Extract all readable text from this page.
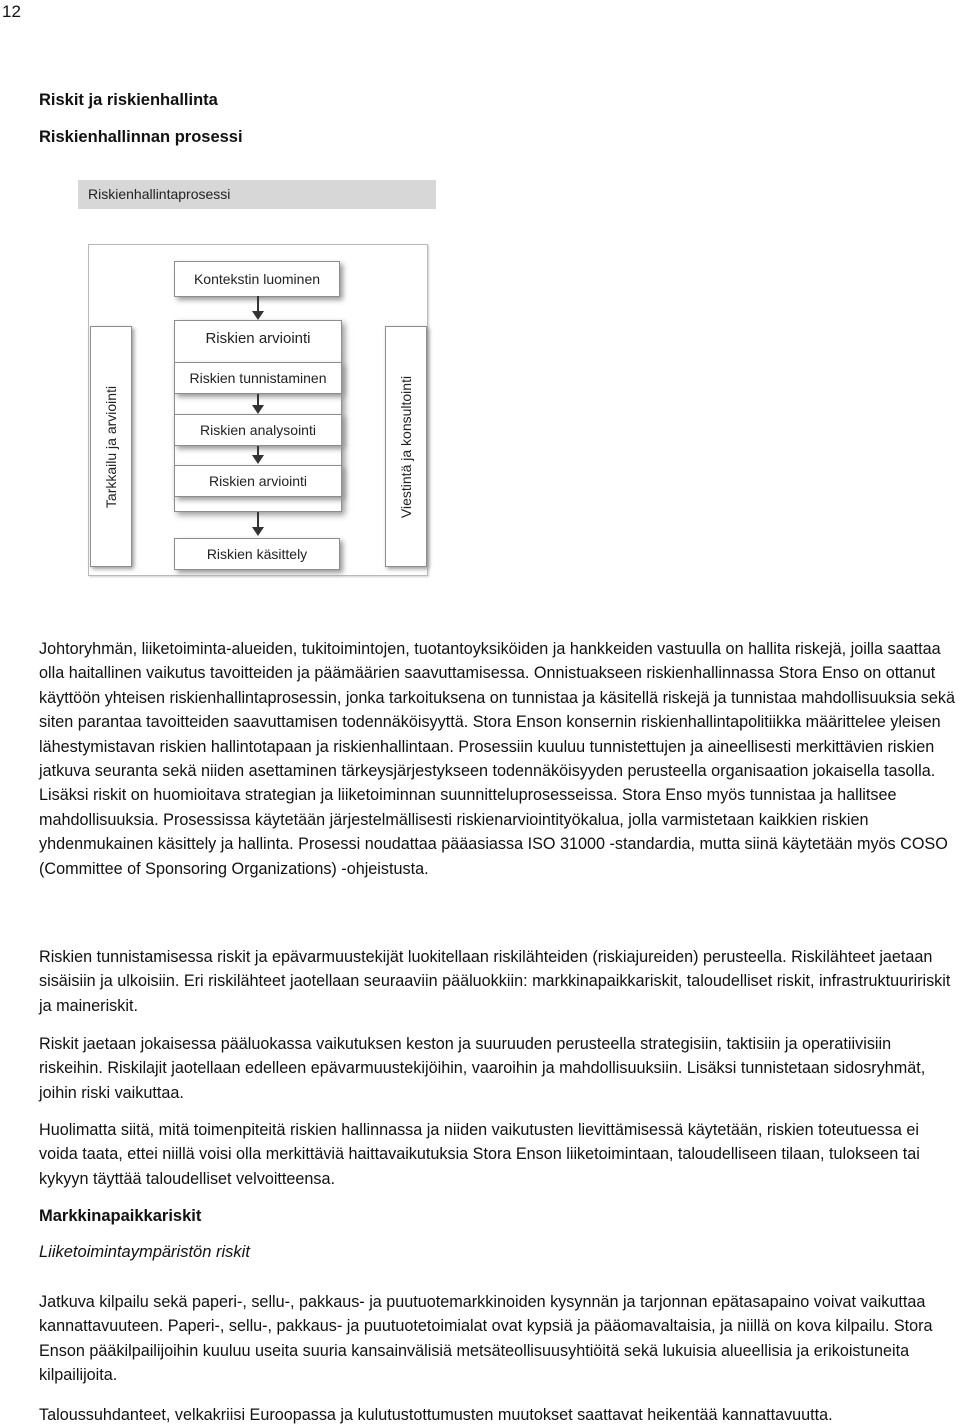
12
Riskit ja riskienhallinta
Riskienhallinnan prosessi
Riskienhallintaprosessi
Tarkkailu ja arviointi	Viestintä ja konsultointi
Kontekstin luominen
Riskien arviointi
Riskien tunnistaminen
Riskien analysointi
Riskien arviointi
Riskien käsittely

Johtoryhmän, liiketoiminta-alueiden, tukitoimintojen, tuotantoyksiköiden ja hankkeiden vastuulla on hallita riskejä, joilla saattaa olla haitallinen vaikutus tavoitteiden ja päämäärien saavuttamisessa. Onnistuakseen riskienhallinnassa Stora Enso on ottanut käyttöön yhteisen riskienhallintaprosessin, jonka tarkoituksena on tunnistaa ja käsitellä riskejä ja tunnistaa mahdollisuuksia sekä siten parantaa tavoitteiden saavuttamisen todennäköisyyttä. Stora Enson konsernin riskienhallintapolitiikka määrittelee yleisen lähestymistavan riskien hallintotapaan ja riskienhallintaan. Prosessiin kuuluu tunnistettujen ja aineellisesti merkittävien riskien jatkuva seuranta sekä niiden asettaminen tärkeysjärjestykseen todennäköisyyden perusteella organisaation jokaisella tasolla. Lisäksi riskit on huomioitava strategian ja liiketoiminnan suunnitteluprosesseissa. Stora Enso myös tunnistaa ja hallitsee mahdollisuuksia. Prosessissa käytetään järjestelmällisesti riskienarviointityökalua, jolla varmistetaan kaikkien riskien yhdenmukainen käsittely ja hallinta. Prosessi noudattaa pääasiassa ISO 31000 -standardia, mutta siinä käytetään myös COSO (Committee of Sponsoring Organizations) -ohjeistusta.

Riskien tunnistamisessa riskit ja epävarmuustekijät luokitellaan riskilähteiden (riskiajureiden) perusteella. Riskilähteet jaetaan sisäisiin ja ulkoisiin. Eri riskilähteet jaotellaan seuraaviin pääluokkiin: markkinapaikkariskit, taloudelliset riskit, infrastruktuuririskit ja maineriskit.

Riskit jaetaan jokaisessa pääluokassa vaikutuksen keston ja suuruuden perusteella strategisiin, taktisiin ja operatiivisiin riskeihin. Riskilajit jaotellaan edelleen epävarmuustekijöihin, vaaroihin ja mahdollisuuksiin. Lisäksi tunnistetaan sidosryhmät, joihin riski vaikuttaa.

Huolimatta siitä, mitä toimenpiteitä riskien hallinnassa ja niiden vaikutusten lievittämisessä käytetään, riskien toteutuessa ei voida taata, ettei niillä voisi olla merkittäviä haittavaikutuksia Stora Enson liiketoimintaan, taloudelliseen tilaan, tulokseen tai kykyyn täyttää taloudelliset velvoitteensa.

Markkinapaikkariskit
Liiketoimintaympäristön riskit

Jatkuva kilpailu sekä paperi-, sellu-, pakkaus- ja puutuotemarkkinoiden kysynnän ja tarjonnan epätasapaino voivat vaikuttaa kannattavuuteen. Paperi-, sellu-, pakkaus- ja puutuotetoimialat ovat kypsiä ja pääomavaltaisia, ja niillä on kova kilpailu. Stora Enson pääkilpailijoihin kuuluu useita suuria kansainvälisiä metsäteollisuusyhtiöitä sekä lukuisia alueellisia ja erikoistuneita kilpailijoita.

Taloussuhdanteet, velkakriisi Euroopassa ja kulutustottumusten muutokset saattavat heikentää kannattavuutta.
